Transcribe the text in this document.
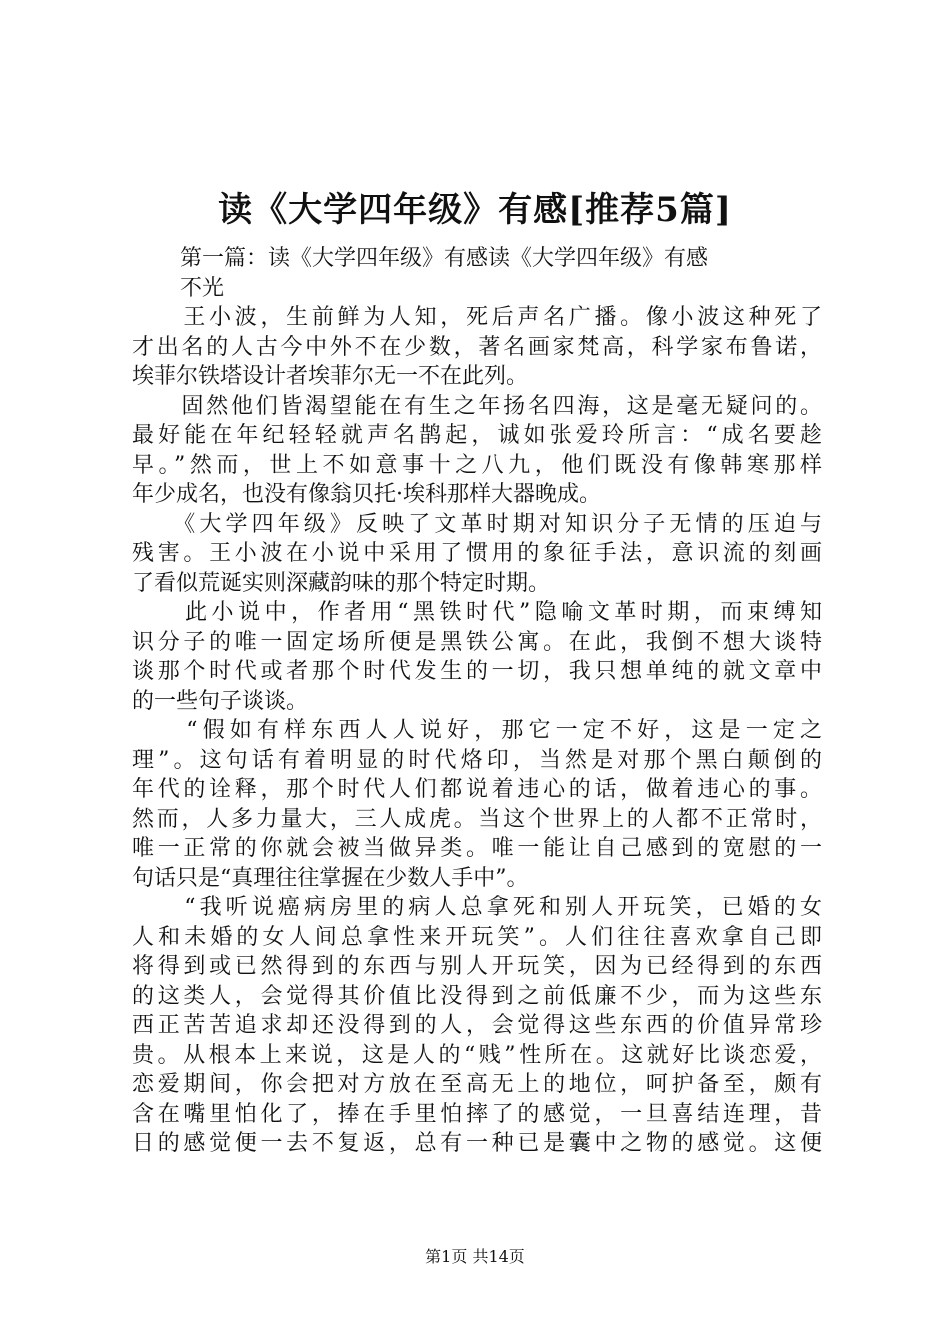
读《大学四年级》有感[推荐5篇]
第一篇：读《大学四年级》有感读《大学四年级》有感
不光
　　王小波，生前鲜为人知，死后声名广播。像小波这种死了
才出名的人古今中外不在少数，著名画家梵高，科学家布鲁诺，
埃菲尔铁塔设计者埃菲尔无一不在此列。
　　固然他们皆渴望能在有生之年扬名四海，这是毫无疑问的。
最好能在年纪轻轻就声名鹊起，诚如张爱玲所言：“成名要趁
早。”然而，世上不如意事十之八九，他们既没有像韩寒那样
年少成名，也没有像翁贝托·埃科那样大器晚成。
　　《大学四年级》反映了文革时期对知识分子无情的压迫与
残害。王小波在小说中采用了惯用的象征手法，意识流的刻画
了看似荒诞实则深藏韵味的那个特定时期。
　　此小说中，作者用“黑铁时代”隐喻文革时期，而束缚知
识分子的唯一固定场所便是黑铁公寓。在此，我倒不想大谈特
谈那个时代或者那个时代发生的一切，我只想单纯的就文章中
的一些句子谈谈。
　　“假如有样东西人人说好，那它一定不好，这是一定之
理”。这句话有着明显的时代烙印，当然是对那个黑白颠倒的
年代的诠释，那个时代人们都说着违心的话，做着违心的事。
然而，人多力量大，三人成虎。当这个世界上的人都不正常时，
唯一正常的你就会被当做异类。唯一能让自己感到的宽慰的一
句话只是“真理往往掌握在少数人手中”。
　　“我听说癌病房里的病人总拿死和别人开玩笑，已婚的女
人和未婚的女人间总拿性来开玩笑”。人们往往喜欢拿自己即
将得到或已然得到的东西与别人开玩笑，因为已经得到的东西
的这类人，会觉得其价值比没得到之前低廉不少，而为这些东
西正苦苦追求却还没得到的人，会觉得这些东西的价值异常珍
贵。从根本上来说，这是人的“贱”性所在。这就好比谈恋爱，
恋爱期间，你会把对方放在至高无上的地位，呵护备至，颇有
含在嘴里怕化了，捧在手里怕摔了的感觉，一旦喜结连理，昔
日的感觉便一去不复返，总有一种已是囊中之物的感觉。这便
第1页 共14页
